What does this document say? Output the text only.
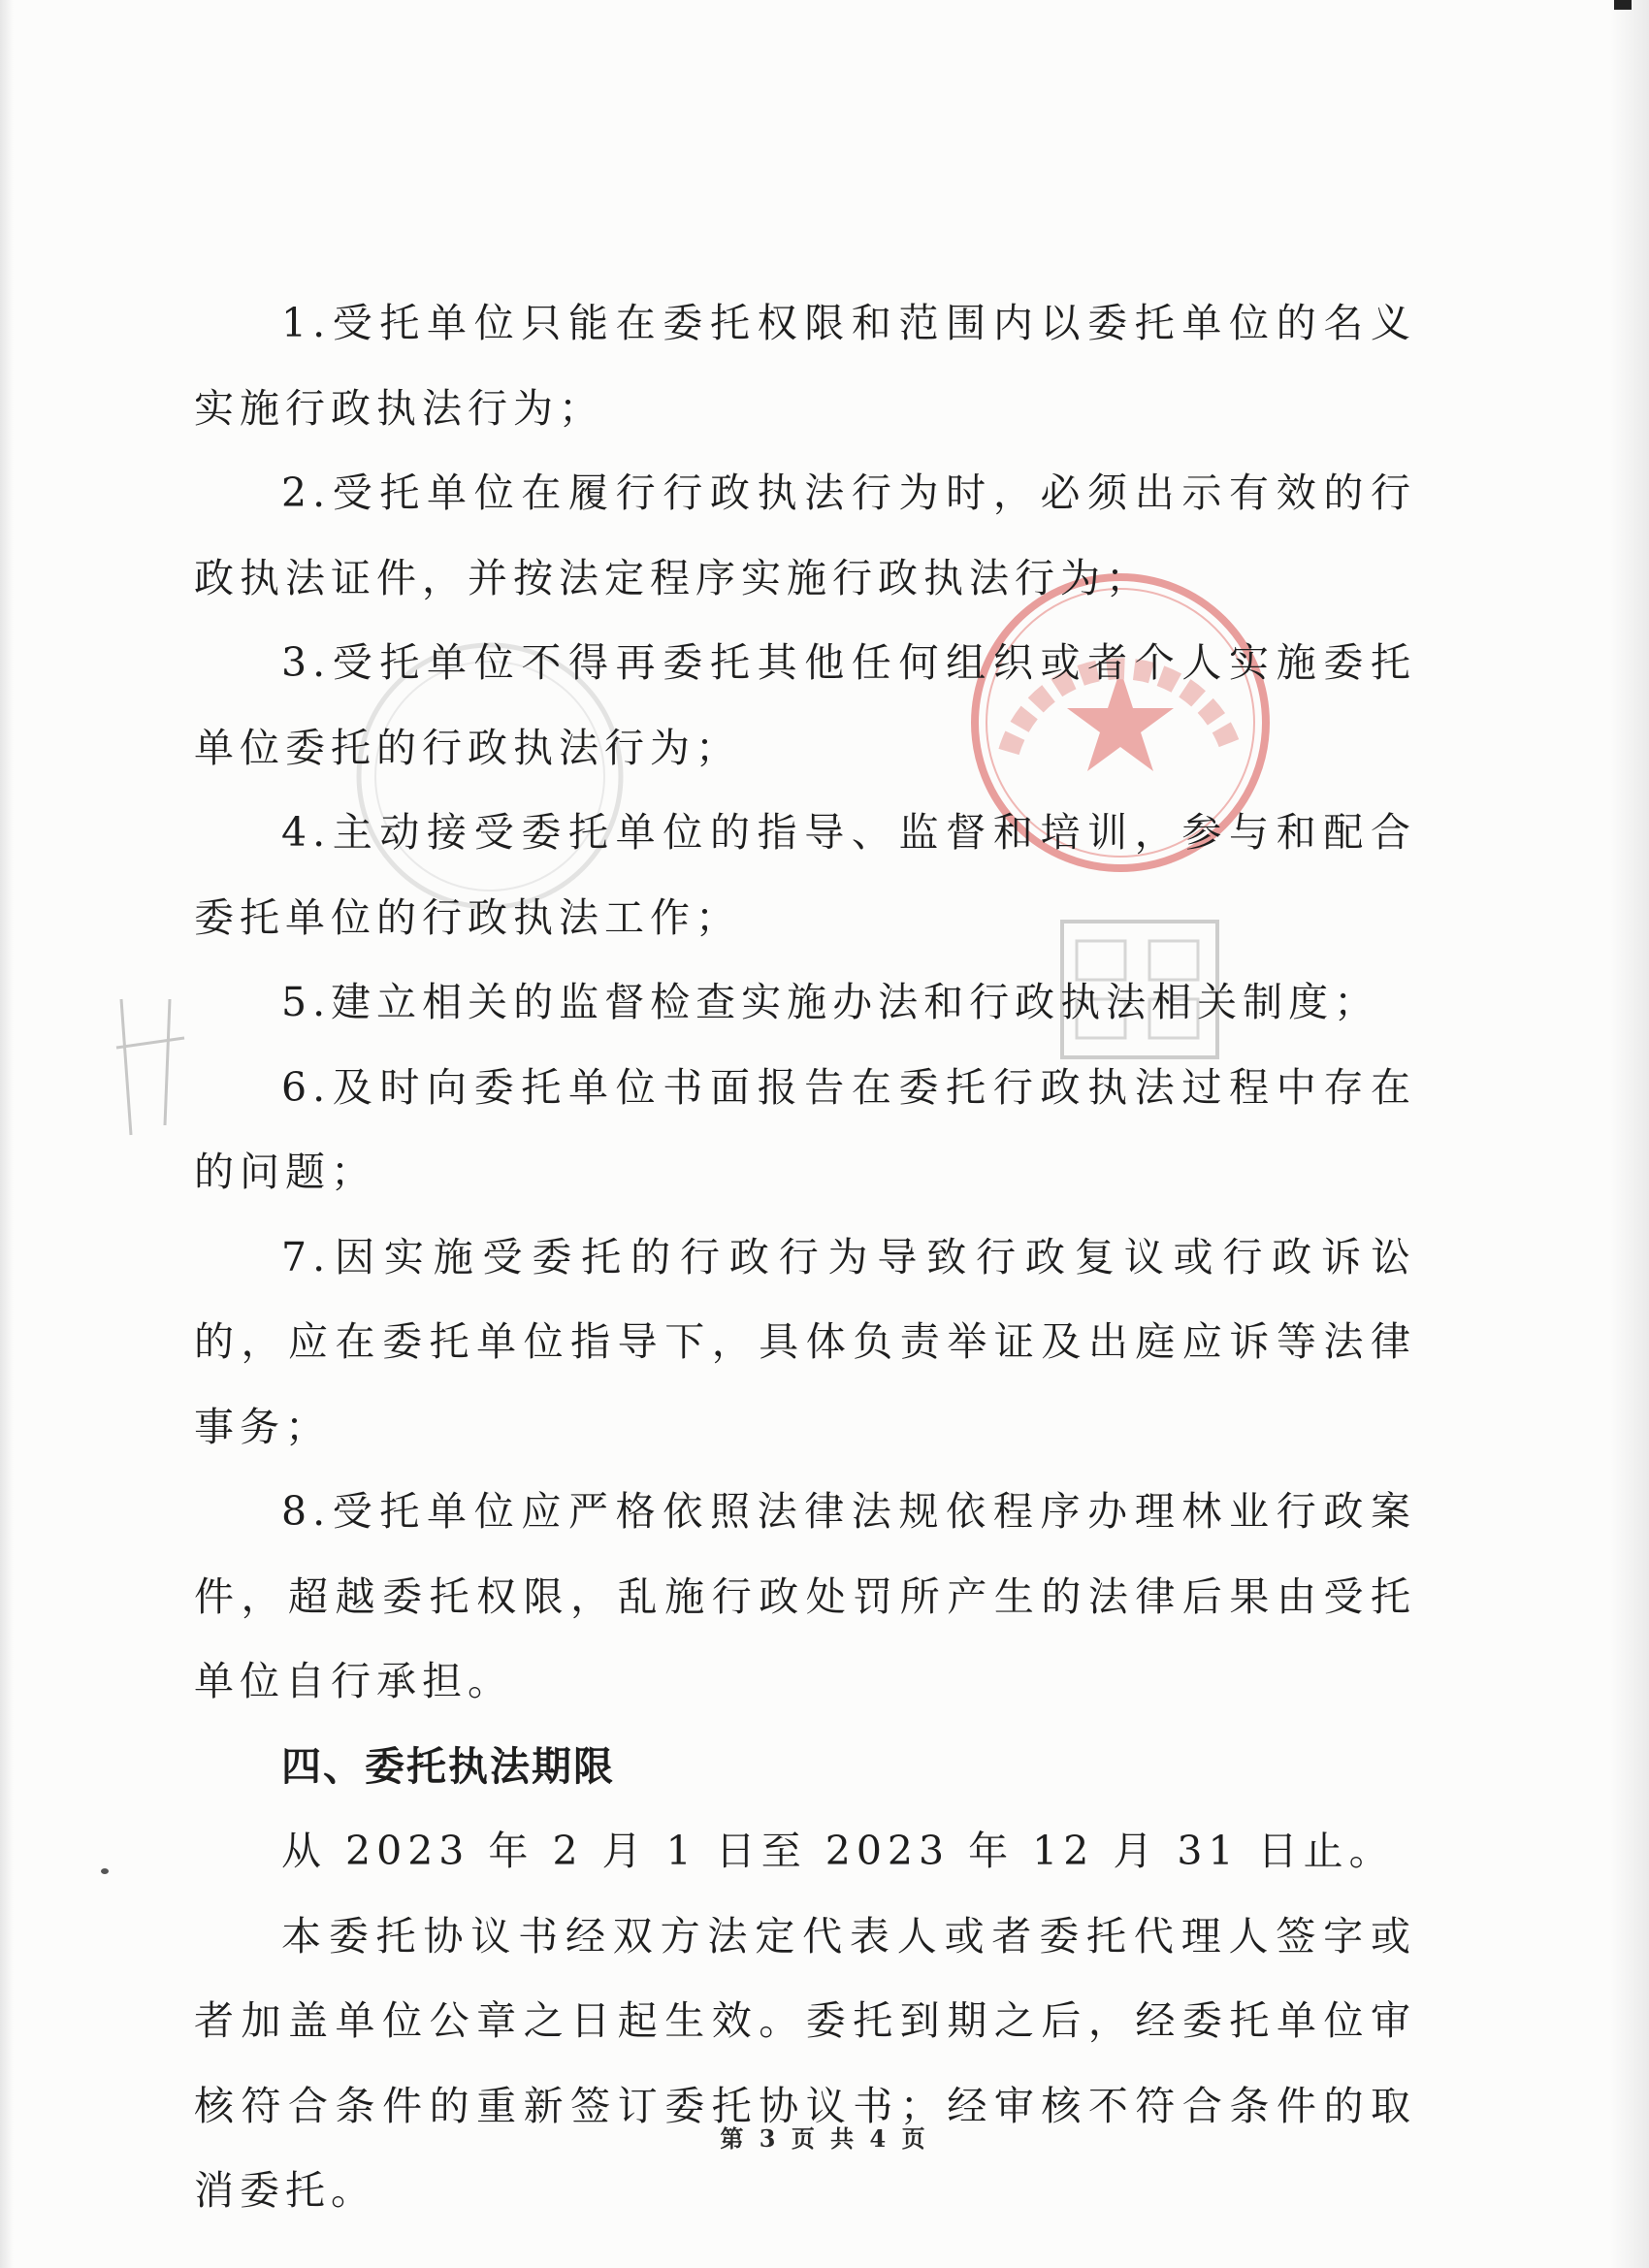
1.受托单位只能在委托权限和范围内以委托单位的名义实施行政执法行为；

2.受托单位在履行行政执法行为时，必须出示有效的行政执法证件，并按法定程序实施行政执法行为；

3.受托单位不得再委托其他任何组织或者个人实施委托单位委托的行政执法行为；

4.主动接受委托单位的指导、监督和培训，参与和配合委托单位的行政执法工作；

5.建立相关的监督检查实施办法和行政执法相关制度；

6.及时向委托单位书面报告在委托行政执法过程中存在的问题；

7.因实施受委托的行政行为导致行政复议或行政诉讼的，应在委托单位指导下，具体负责举证及出庭应诉等法律事务；

8.受托单位应严格依照法律法规依程序办理林业行政案件，超越委托权限，乱施行政处罚所产生的法律后果由受托单位自行承担。

四、委托执法期限

从 2023 年 2 月 1 日至 2023 年 12 月 31 日止。

本委托协议书经双方法定代表人或者委托代理人签字或者加盖单位公章之日起生效。委托到期之后，经委托单位审核符合条件的重新签订委托协议书；经审核不符合条件的取消委托。

第 3 页 共 4 页
